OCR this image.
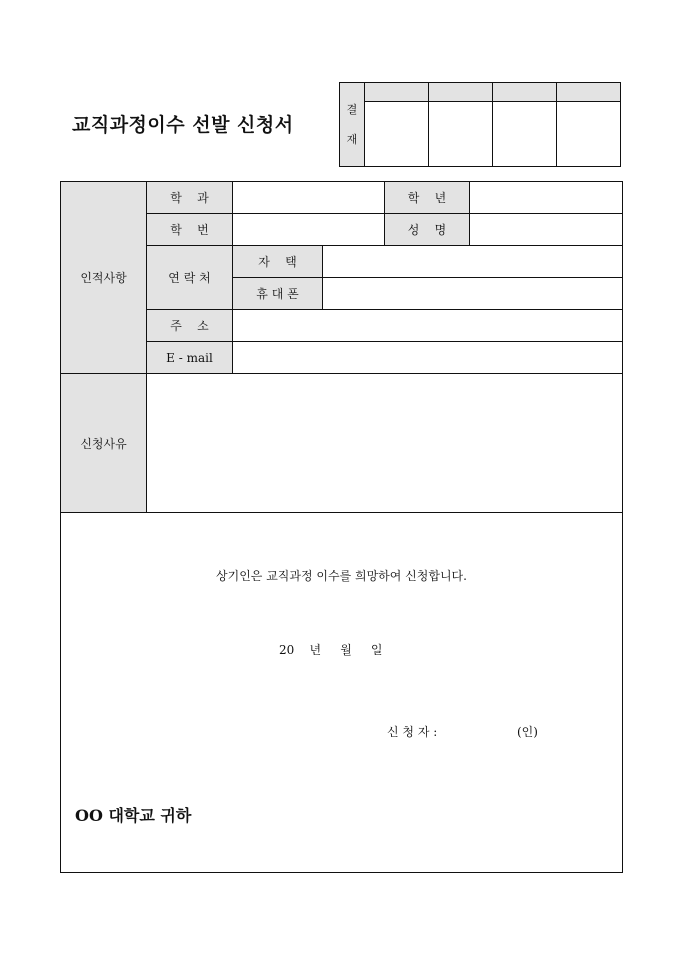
교직과정이수 선발 신청서
결
재				

인적사항	학    과			학    년	
	학    번			성    명	
	연 락 처	자    택			
		휴 대 폰			
	주    소				
	E - mail				
신청사유					

상기인은 교직과정 이수를 희망하여 신청합니다.
20    년     월     일
신 청 자 : (인)
OO 대학교 귀하					
